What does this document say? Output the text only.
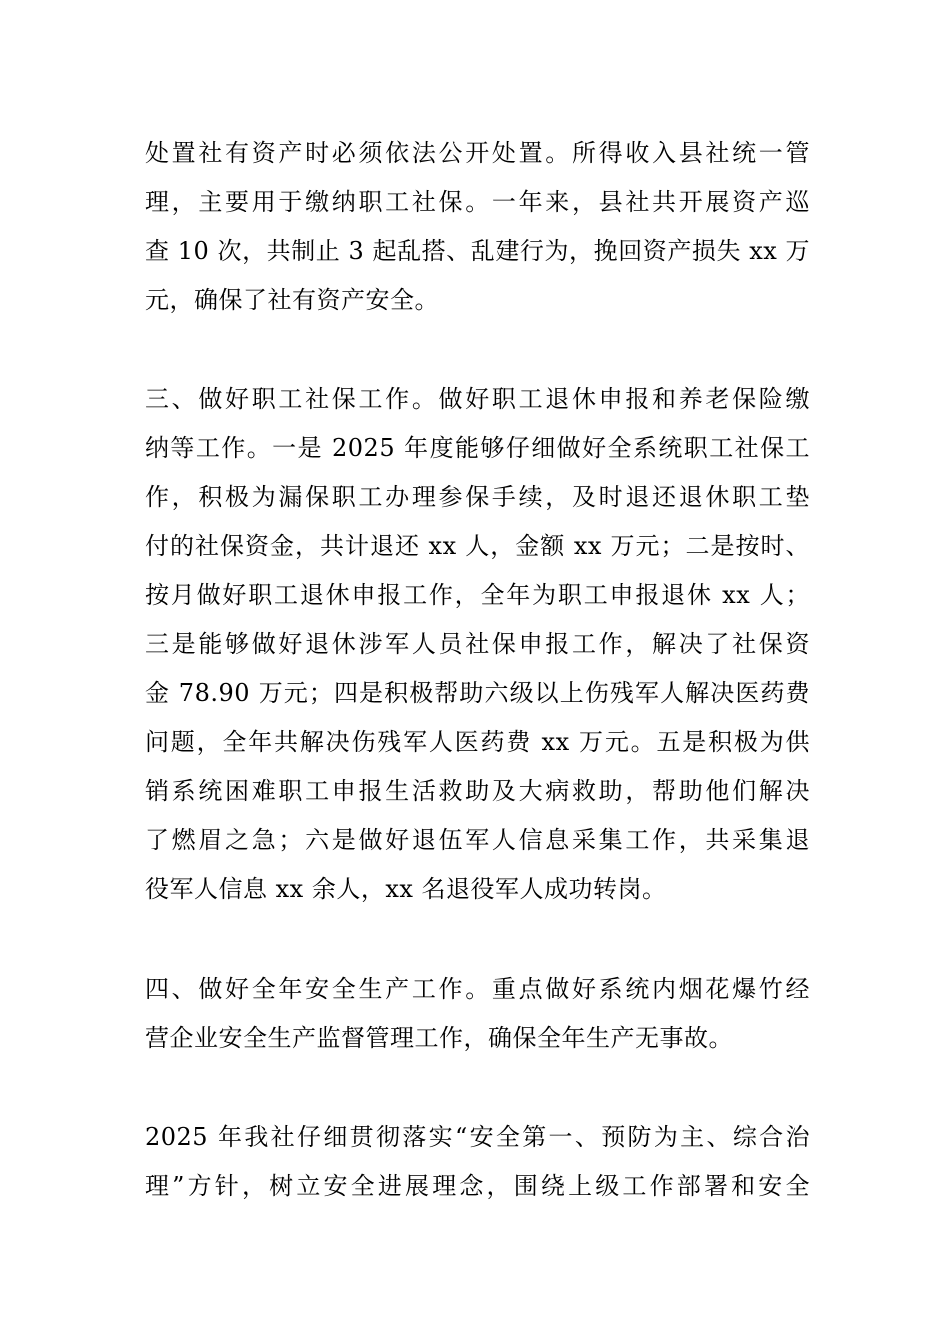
处置社有资产时必须依法公开处置。所得收入县社统一管
理，主要用于缴纳职工社保。一年来，县社共开展资产巡
查 10 次，共制止 3 起乱搭、乱建行为，挽回资产损失 xx 万
元，确保了社有资产安全。
三、做好职工社保工作。做好职工退休申报和养老保险缴
纳等工作。一是 2025 年度能够仔细做好全系统职工社保工
作，积极为漏保职工办理参保手续，及时退还退休职工垫
付的社保资金，共计退还 xx 人，金额 xx 万元；二是按时、
按月做好职工退休申报工作，全年为职工申报退休 xx 人；
三是能够做好退休涉军人员社保申报工作，解决了社保资
金 78.90 万元；四是积极帮助六级以上伤残军人解决医药费
问题，全年共解决伤残军人医药费 xx 万元。五是积极为供
销系统困难职工申报生活救助及大病救助，帮助他们解决
了燃眉之急；六是做好退伍军人信息采集工作，共采集退
役军人信息 xx 余人，xx 名退役军人成功转岗。
四、做好全年安全生产工作。重点做好系统内烟花爆竹经
营企业安全生产监督管理工作，确保全年生产无事故。
2025 年我社仔细贯彻落实“安全第一、预防为主、综合治
理”方针，树立安全进展理念，围绕上级工作部署和安全
